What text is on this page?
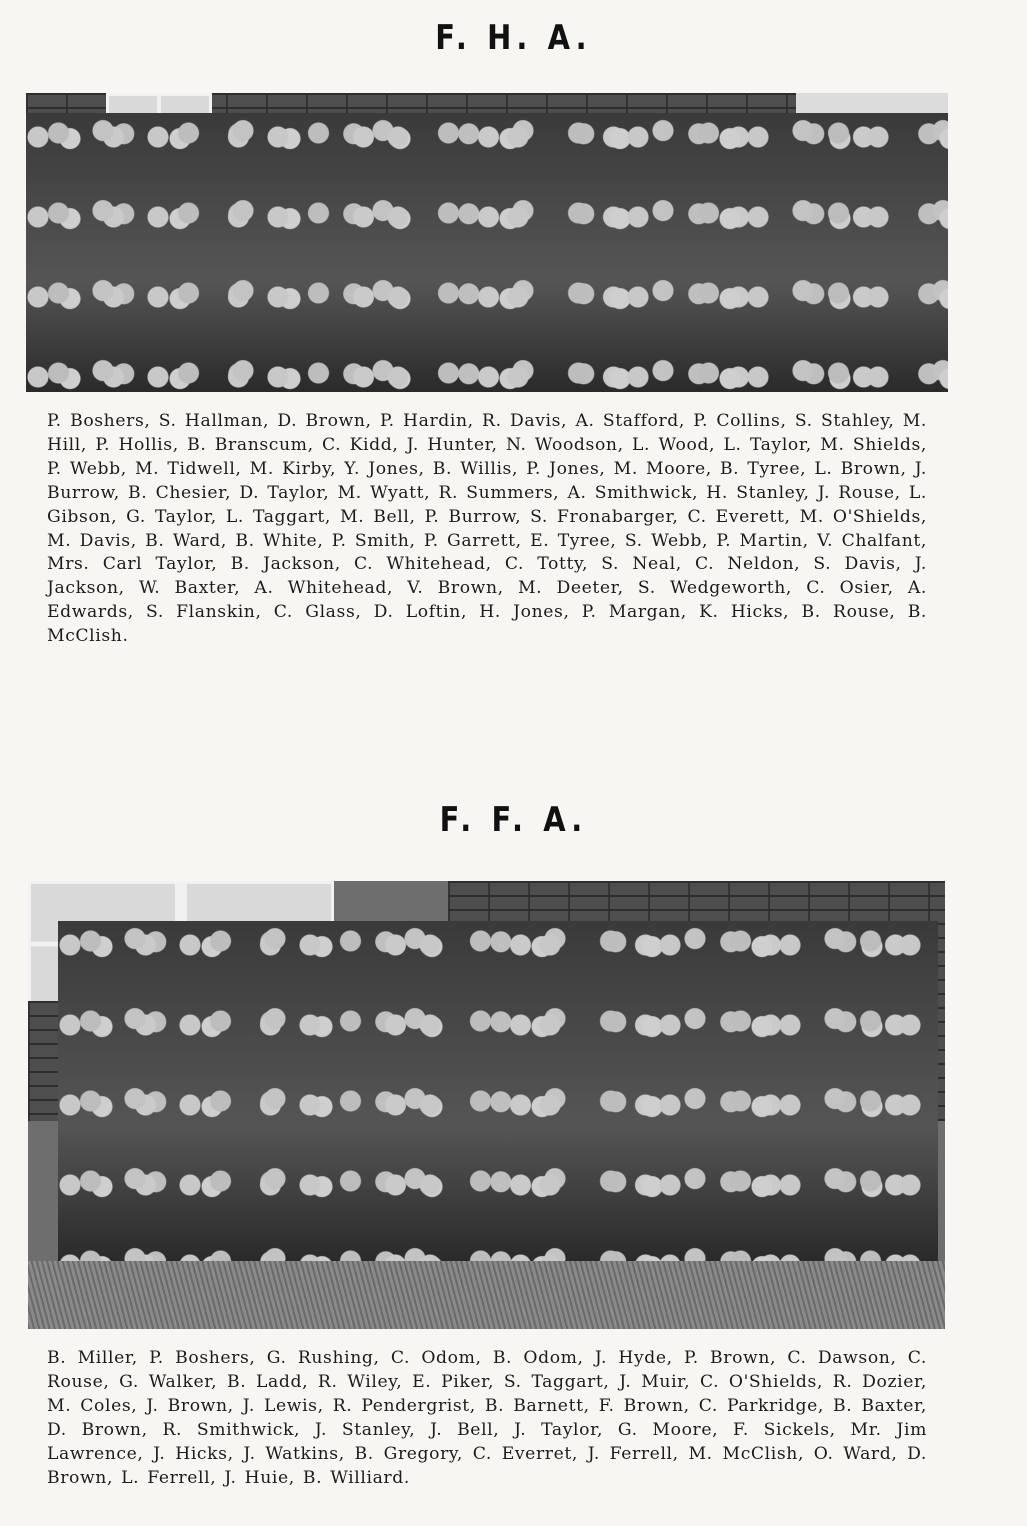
F. H. A.

P. Boshers, S. Hallman, D. Brown, P. Hardin, R. Davis, A. Stafford, P. Collins, S. Stahley, M. Hill, P. Hollis, B. Branscum, C. Kidd, J. Hunter, N. Woodson, L. Wood, L. Taylor, M. Shields, P. Webb, M. Tidwell, M. Kirby, Y. Jones, B. Willis, P. Jones, M. Moore, B. Tyree, L. Brown, J. Burrow, B. Chesier, D. Taylor, M. Wyatt, R. Summers, A. Smithwick, H. Stanley, J. Rouse, L. Gibson, G. Taylor, L. Taggart, M. Bell, P. Burrow, S. Fronabarger, C. Everett, M. O'Shields, M. Davis, B. Ward, B. White, P. Smith, P. Garrett, E. Tyree, S. Webb, P. Martin, V. Chalfant, Mrs. Carl Taylor, B. Jackson, C. Whitehead, C. Totty, S. Neal, C. Neldon, S. Davis, J. Jackson, W. Baxter, A. Whitehead, V. Brown, M. Deeter, S. Wedgeworth, C. Osier, A. Edwards, S. Flanskin, C. Glass, D. Loftin, H. Jones, P. Margan, K. Hicks, B. Rouse, B. McClish.

F. F. A.

B. Miller, P. Boshers, G. Rushing, C. Odom, B. Odom, J. Hyde, P. Brown, C. Dawson, C. Rouse, G. Walker, B. Ladd, R. Wiley, E. Piker, S. Taggart, J. Muir, C. O'Shields, R. Dozier, M. Coles, J. Brown, J. Lewis, R. Pendergrist, B. Barnett, F. Brown, C. Parkridge, B. Baxter, D. Brown, R. Smithwick, J. Stanley, J. Bell, J. Taylor, G. Moore, F. Sickels, Mr. Jim Lawrence, J. Hicks, J. Watkins, B. Gregory, C. Everret, J. Ferrell, M. McClish, O. Ward, D. Brown, L. Ferrell, J. Huie, B. Williard.
